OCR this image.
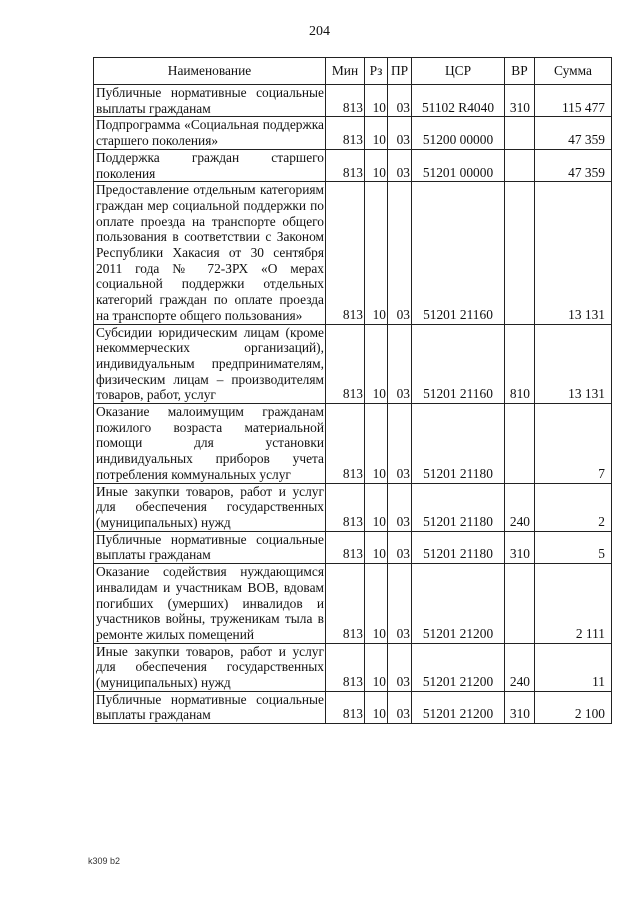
204
Наименование	Мин	Рз	ПР	ЦСР	ВР	Сумма
Публичные нормативные социальные выплаты гражданам	813	10	03	51102 R4040	310	115 477
Подпрограмма «Социальная поддержка старшего поколения»	813	10	03	51200 00000		47 359
Поддержка граждан старшего поколения	813	10	03	51201 00000		47 359
Предоставление отдельным категориям граждан мер социальной поддержки по оплате проезда на транспорте общего пользования в соответствии с Законом Республики Хакасия от 30 сентября 2011 года № 72-ЗРХ «О мерах социальной поддержки отдельных категорий граждан по оплате проезда на транспорте общего пользования»	813	10	03	51201 21160		13 131
Субсидии юридическим лицам (кроме некоммерческих организаций), индивидуальным предпринимателям, физическим лицам – производителям товаров, работ, услуг	813	10	03	51201 21160	810	13 131
Оказание малоимущим гражданам пожилого возраста материальной помощи для установки индивидуальных приборов учета потребления коммунальных услуг	813	10	03	51201 21180		7
Иные закупки товаров, работ и услуг для обеспечения государственных (муниципальных) нужд	813	10	03	51201 21180	240	2
Публичные нормативные социальные выплаты гражданам	813	10	03	51201 21180	310	5
Оказание содействия нуждающимся инвалидам и участникам ВОВ, вдовам погибших (умерших) инвалидов и участников войны, труженикам тыла в ремонте жилых помещений	813	10	03	51201 21200		2 111
Иные закупки товаров, работ и услуг для обеспечения государственных (муниципальных) нужд	813	10	03	51201 21200	240	11
Публичные нормативные социальные выплаты гражданам	813	10	03	51201 21200	310	2 100
k309 b2
